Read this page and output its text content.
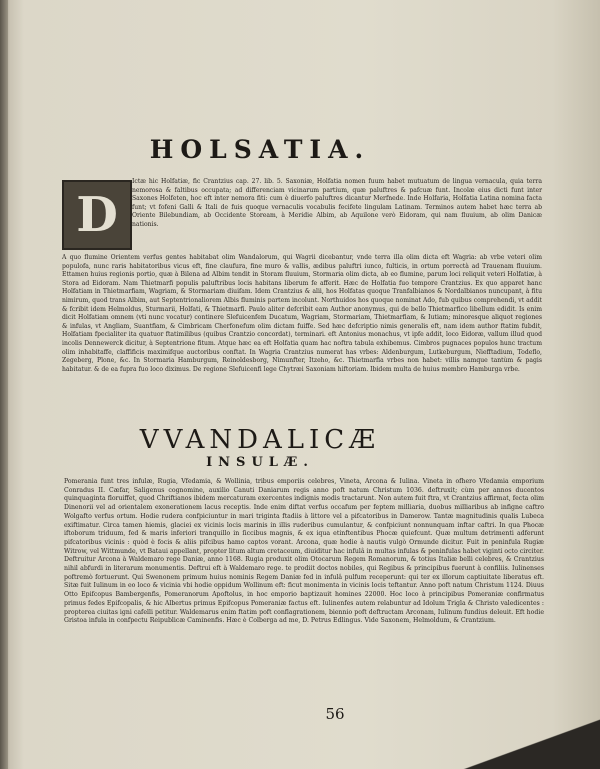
HOLSATIA.
D

Ictæ hic Holfatiæ, fic Crantzius cap. 27. lib. 5. Saxoniæ, Holfatia nomen fuum habet mutuatum de lingua vernacula, quia terra nemorosa & faltibus occupata; ad differenciam vicinarum partium, quæ paluftres & pafcuæ funt. Incolæ eius dicti funt inter Saxones Holfeten, hoc eft inter nemora fiti: cum è diuerfo paluftres dicantur Merfnede. Inde Holfaria, Holfatia Latina nomina facta funt; vt fofeni Galli & Itali de fuis quoque vernaculis vocabulis fecifete lingulam Latinam. Terminos autem habet hæc terra ab Oriente Bilebundiam, ab Occidente Stoream, à Meridie Albim, ab Aquilone verò Eidoram, qui nam fluuium, ab olim Danicæ nationis.

A quo flumine Orientem verfus gentes habitabat olim Wandalorum, qui Wagrii dicebantur, vnde terra illa olim dicta eft Wagria: ab vrbe veteri olim populofa, nunc raris habitatoribus vicus eft, fine claufura, fine muro & vallis, ædibus paluftri iunco, fulticis, in ortum porrectà ad Trauenam fluuium. Ettamen huius regionis portio, quæ à Bilena ad Albim tendit in Storam fluuium, Stormaria olim dicta, ab eo flumine, parum loci reliquit veteri Holfatiæ, à Stora ad Eidoram. Nam Thietmarfi populis paluftribus locis habitans liberum fe afferit. Hæc de Holfatia fuo tempore Crantzius. Ex quo apparet hanc Holfatiam in Thietmarfiam, Wagriam, & Stormariam diuifam. Idem Crantzius & alii, hos Holfatas quoque Tranfalbianos & Nordalbianos nuncupant, à fitu nimirum, quod trans Albim, aut Septentrionaliorem Albis fluminis partem incolunt. Northuidos hos quoque nominat Ado, fub quibus comprehendi, vt addit & fcribit idem Helmoldus, Sturmarii, Holfati, & Thietmarfi. Paulo aliter defcribit eam Author anonymus, qui de bello Thietmarfico libellum edidit. Is enim dicit Holfatiam omnem (vti nunc vocatur) continere Slefuicenfem Ducatum, Wagriam, Stormariam, Thietmarfiam, & Iutiam; minoresque aliquot regiones & infulas, vt Angliam, Suantfiam, & Cimbricam Cherfonefum olim dictam fuiffe. Sed hæc defcriptio nimis generalis eft, nam idem author ftatim fubdit, Holfatiam fpecialiter ita quatuor ftatimilibus (quibus Crantzio concordat), terminari. eft Antonius monachus, vt ipfe addit, loco Eidoræ, vallum illud quod incolis Dennewerck dicitur, à Septentrione fitum. Atque hæc ea eft Holfatia quam hac noftra tabula exhibemus. Cimbros pugnaces populos hunc tractum olim inhabitaffe, claffificis maximifque auctoribus conftat. In Wagria Crantzius numerat has vrbes: Aldenburgum, Lutkeburgum, Niefftadium, Todeflo, Zegeberg, Plone, &c. In Stormaria Hamburgum, Reinoldesborg, Nimunfter, Itzeho, &c. Thietmarfia vrbes non habet: villis namque tantùm & pagis habitatur. & de ea fupra fuo loco diximus. De regione Slefuicenfi lege Chytræi Saxoniam hiftoriam. Ibidem multa de huius membro Hamburga vrbe.

VVANDALICÆ
INSULÆ.

Pomerania funt tres infulæ, Rugia, Vfedamia, & Wollinia, tribus emporiis celebres, Vineta, Arcona & Iulina. Vineta in ofhero Vfedamia emporium Conradus II. Cæfar, Saligenus cognomine, auxilio Canuti Daniarum regis anno poft natum Christum 1036. deftruxit; cùm per annos ducentos quinquaginta floruiffet, quod Chriftianos ibidem mercaturam exercentes indignis modis tractarunt. Non autem fuit ftra, vt Crantzius affirmat, fecta olim Dinenorii vel ad orientalem exonerationem lacus receptis. Inde enim diftat verfus occafum per feptem milliaria, duobus milliaribus ab infigne caftro Wolgafto verfus ortum. Hodie rudera confpiciuntur in mari triginta ftadiis à littore vel a pifcatoribus in Damerow. Tantæ magnitudinis qualis Lubeca exiftimatur. Circa tamen hiemis, glaciei ex vicinis locis marinis in illis ruderibus cumulantur, & confpiciunt nonnunquam inftar caftri. In qua Phocæ iftoborum triduum, fed & maris inferiori tranquillo in ſiccibus magnis, & ex iqua etinftentibus Phocæ quiefcunt. Quæ multum detrimenti adferunt pifcatoribus vicinis : quòd è focis & aliis pifcibus hamo captos vorant. Arcona, quæ hodie à nautis vulgò Ormunde dicitur. Fuit in peninfula Rugiæ Witrow, vel Wittmunde, vt Bataui appellant, propter litum altum cretaceum, diuiditur hac infulâ in multas infulas & peninfulas habet viginti octo circiter. Deftruitur Arcona à Waldemaro rege Daniæ, anno 1168. Rugia produxit olim Otocarum Regem Romanorum, & totius Italiæ belli celebres, & Crantzius nihil abfurdi in literarum monumentis. Deftrui eft à Waldemaro rege. te prodiit doctos nobiles, qui Regibus & principibus fuerunt à confiliis. Iulinenses poftremò fortuerunt. Qui Swenonem primum huius nominis Regem Daniæ fed in infulâ pulfum receperunt: qui ter ex illorum captiuitate liberatus eft. Sitæ fuit Iulinum in eo loco & vicinia vbi hodie oppidum Wollinum eft: ficut monimenta in vicinis locis teftantur. Anno poft natum Christum 1124. Diuus Otto Epifcopus Bambergenfis, Pomeranorum Apoftolus, in hoc emporio baptizauit homines 22000. Hoc loco à principibus Pomeraniæ confirmatus primus fedes Epifcopalis, & hic Albertus primus Epifcopus Pomeraniæ factus eft. Iulinenfes autem relabuntur ad Idolum Trigla & Christo valedicentes : propterea ciuitas igni cafelli petitur. Waldemarus enim ftatim poft conflagrationem, biennio poft deftructam Arconam, Iulinum fundius deleuit. Eft hodie Gristoa infula in confpectu Reipublicæ Caminenfis. Hæc è Colberga ad me, D. Petrus Edlingus. Vide Saxonem, Helmoldum, & Crantzium.

56
